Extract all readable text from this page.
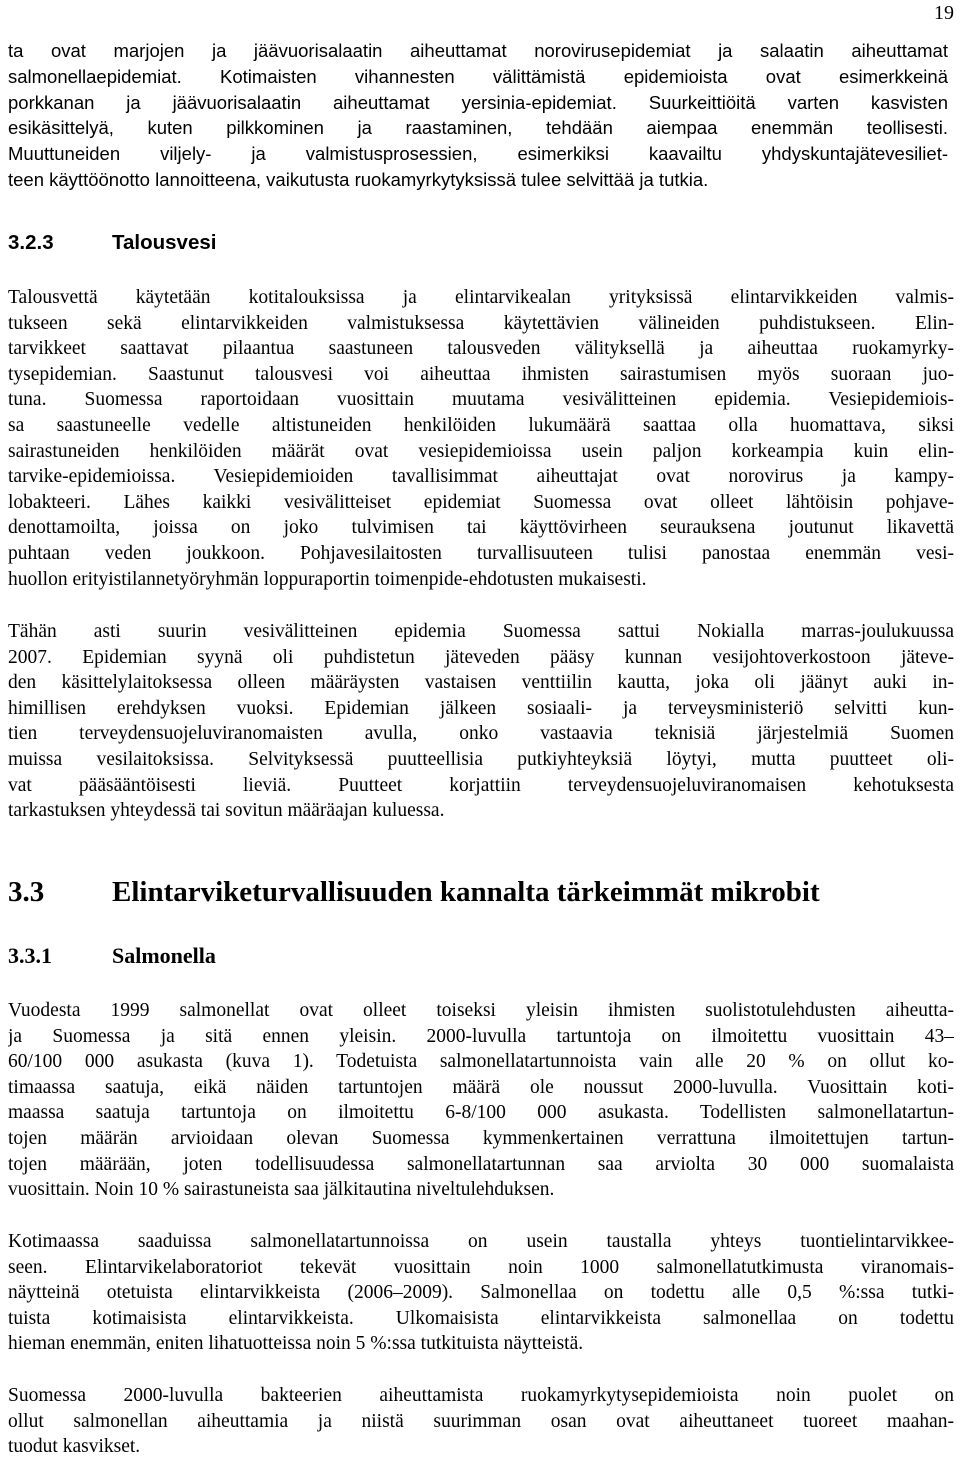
19
ta ovat marjojen ja jäävuorisalaatin aiheuttamat norovirusepidemiat ja salaatin aiheuttamat
salmonellaepidemiat. Kotimaisten vihannesten välittämistä epidemioista ovat esimerkkeinä
porkkanan ja jäävuorisalaatin aiheuttamat yersinia-epidemiat. Suurkeittiöitä varten kasvisten
esikäsittelyä, kuten pilkkominen ja raastaminen, tehdään aiempaa enemmän teollisesti.
Muuttuneiden viljely- ja valmistusprosessien, esimerkiksi kaavailtu yhdyskuntajätevesiliet-
teen käyttöönotto lannoitteena, vaikutusta ruokamyrkytyksissä tulee selvittää ja tutkia.
3.2.3	Talousvesi
Talousvettä käytetään kotitalouksissa ja elintarvikealan yrityksissä elintarvikkeiden valmis-
tukseen sekä elintarvikkeiden valmistuksessa käytettävien välineiden puhdistukseen. Elin-
tarvikkeet saattavat pilaantua saastuneen talousveden välityksellä ja aiheuttaa ruokamyrky-
tysepidemian. Saastunut talousvesi voi aiheuttaa ihmisten sairastumisen myös suoraan juo-
tuna. Suomessa raportoidaan vuosittain muutama vesivälitteinen epidemia. Vesiepidemiois-
sa saastuneelle vedelle altistuneiden henkilöiden lukumäärä saattaa olla huomattava, siksi
sairastuneiden henkilöiden määrät ovat vesiepidemioissa usein paljon korkeampia kuin elin-
tarvike-epidemioissa. Vesiepidemioiden tavallisimmat aiheuttajat ovat norovirus ja kampy-
lobakteeri. Lähes kaikki vesivälitteiset epidemiat Suomessa ovat olleet lähtöisin pohjave-
denottamoilta, joissa on joko tulvimisen tai käyttövirheen seurauksena joutunut likavettä
puhtaan veden joukkoon. Pohjavesilaitosten turvallisuuteen tulisi panostaa enemmän vesi-
huollon erityistilannetyöryhmän loppuraportin toimenpide-ehdotusten mukaisesti.
Tähän asti suurin vesivälitteinen epidemia Suomessa sattui Nokialla marras-joulukuussa
2007. Epidemian syynä oli puhdistetun jäteveden pääsy kunnan vesijohtoverkostoon jäteve-
den käsittelylaitoksessa olleen määräysten vastaisen venttiilin kautta, joka oli jäänyt auki in-
himillisen erehdyksen vuoksi. Epidemian jälkeen sosiaali- ja terveysministeriö selvitti kun-
tien terveydensuojeluviranomaisten avulla, onko vastaavia teknisiä järjestelmiä Suomen
muissa vesilaitoksissa. Selvityksessä puutteellisia putkiyhteyksiä löytyi, mutta puutteet oli-
vat pääsääntöisesti lieviä. Puutteet korjattiin terveydensuojeluviranomaisen kehotuksesta
tarkastuksen yhteydessä tai sovitun määräajan kuluessa.
3.3 Elintarviketurvallisuuden kannalta tärkeimmät mikrobit
3.3.1	Salmonella
Vuodesta 1999 salmonellat ovat olleet toiseksi yleisin ihmisten suolistotulehdusten aiheutta-
ja Suomessa ja sitä ennen yleisin. 2000-luvulla tartuntoja on ilmoitettu vuosittain 43–
60/100 000 asukasta (kuva 1). Todetuista salmonellatartunnoista vain alle 20 % on ollut ko-
timaassa saatuja, eikä näiden tartuntojen määrä ole noussut 2000-luvulla. Vuosittain koti-
maassa saatuja tartuntoja on ilmoitettu 6-8/100 000 asukasta. Todellisten salmonellatartun-
tojen määrän arvioidaan olevan Suomessa kymmenkertainen verrattuna ilmoitettujen tartun-
tojen määrään, joten todellisuudessa salmonellatartunnan saa arviolta 30 000 suomalaista
vuosittain. Noin 10 % sairastuneista saa jälkitautina niveltulehduksen.
Kotimaassa saaduissa salmonellatartunnoissa on usein taustalla yhteys tuontielintarvikkee-
seen. Elintarvikelaboratoriot tekevät vuosittain noin 1000 salmonellatutkimusta viranomais-
näytteinä otetuista elintarvikkeista (2006–2009). Salmonellaa on todettu alle 0,5 %:ssa tutki-
tuista kotimaisista elintarvikkeista. Ulkomaisista elintarvikkeista salmonellaa on todettu
hieman enemmän, eniten lihatuotteissa noin 5 %:ssa tutkituista näytteistä.
Suomessa 2000-luvulla bakteerien aiheuttamista ruokamyrkytysepidemioista noin puolet on
ollut salmonellan aiheuttamia ja niistä suurimman osan ovat aiheuttaneet tuoreet maahan-
tuodut kasvikset.
